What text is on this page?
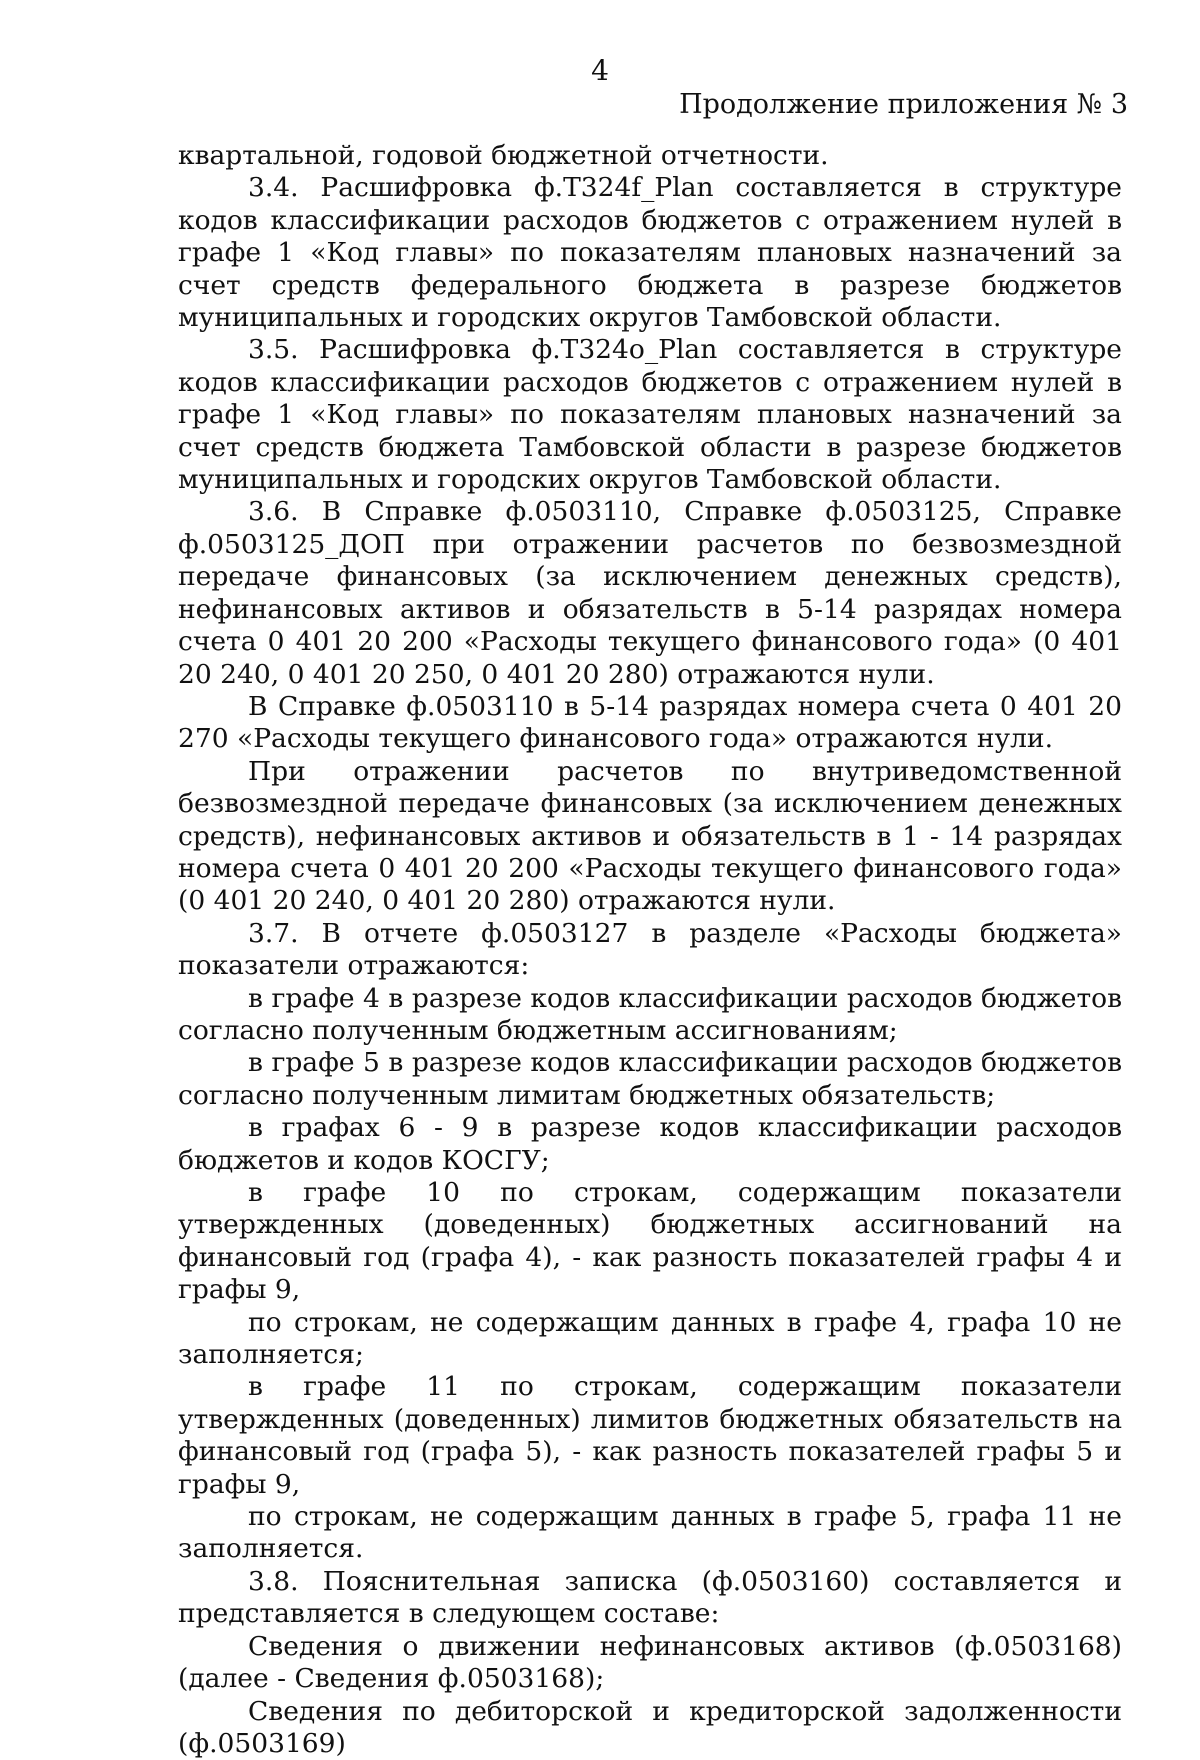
4
Продолжение приложения № 3

квартальной, годовой бюджетной отчетности.

3.4. Расшифровка ф.Т324f_Plan составляется в структуре кодов классификации расходов бюджетов с отражением нулей в графе 1 «Код главы» по показателям плановых назначений за счет средств федерального бюджета в разрезе бюджетов муниципальных и городских округов Тамбовской области.

3.5. Расшифровка ф.Т324o_Plan составляется в структуре кодов классификации расходов бюджетов с отражением нулей в графе 1 «Код главы» по показателям плановых назначений за счет средств бюджета Тамбовской области в разрезе бюджетов муниципальных и городских округов Тамбовской области.

3.6. В Справке ф.0503110, Справке ф.0503125, Справке ф.0503125_ДОП при отражении расчетов по безвозмездной передаче финансовых (за исключением денежных средств), нефинансовых активов и обязательств в 5-14 разрядах номера счета 0 401 20 200 «Расходы текущего финансового года» (0 401 20 240, 0 401 20 250, 0 401 20 280) отражаются нули.

В Справке ф.0503110 в 5-14 разрядах номера счета 0 401 20 270 «Расходы текущего финансового года» отражаются нули.

При отражении расчетов по внутриведомственной безвозмездной передаче финансовых (за исключением денежных средств), нефинансовых активов и обязательств в 1 - 14 разрядах номера счета 0 401 20 200 «Расходы текущего финансового года» (0 401 20 240, 0 401 20 280) отражаются нули.

3.7. В отчете ф.0503127 в разделе «Расходы бюджета» показатели отражаются:

в графе 4 в разрезе кодов классификации расходов бюджетов согласно полученным бюджетным ассигнованиям;

в графе 5 в разрезе кодов классификации расходов бюджетов согласно полученным лимитам бюджетных обязательств;

в графах 6 - 9 в разрезе кодов классификации расходов бюджетов и кодов КОСГУ;

в графе 10 по строкам, содержащим показатели утвержденных (доведенных) бюджетных ассигнований на финансовый год (графа 4), - как разность показателей графы 4 и графы 9,

по строкам, не содержащим данных в графе 4, графа 10 не заполняется;

в графе 11 по строкам, содержащим показатели утвержденных (доведенных) лимитов бюджетных обязательств на финансовый год (графа 5), - как разность показателей графы 5 и графы 9,

по строкам, не содержащим данных в графе 5, графа 11 не заполняется.

3.8. Пояснительная записка (ф.0503160) составляется и представляется в следующем составе:

Сведения о движении нефинансовых активов (ф.0503168) (далее - Сведения ф.0503168);

Сведения по дебиторской и кредиторской задолженности (ф.0503169)
